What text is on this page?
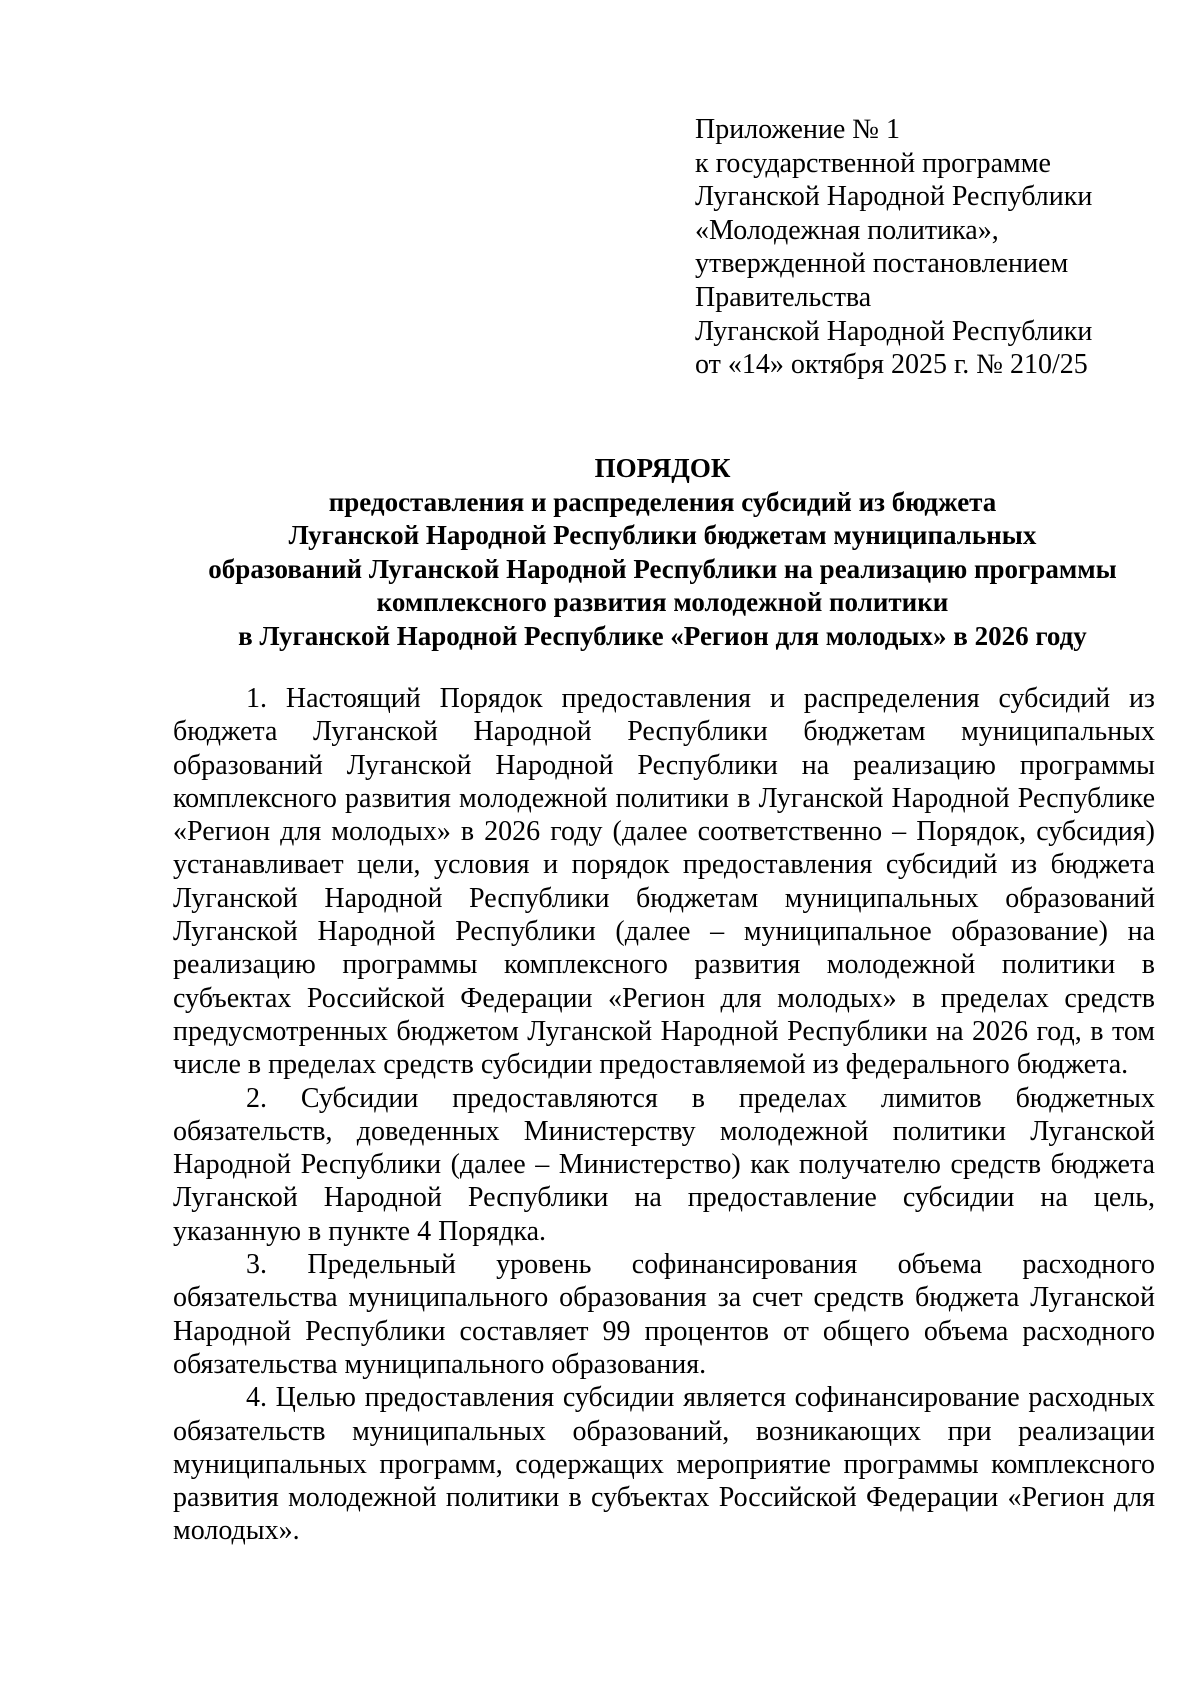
Приложение № 1
к государственной программе
Луганской Народной Республики
«Молодежная политика»,
утвержденной постановлением
Правительства
Луганской Народной Республики
от «14» октября 2025 г. № 210/25
ПОРЯДОК
предоставления и распределения субсидий из бюджета
Луганской Народной Республики бюджетам муниципальных
образований Луганской Народной Республики на реализацию программы
комплексного развития молодежной политики
в Луганской Народной Республике «Регион для молодых» в 2026 году

1. Настоящий Порядок предоставления и распределения субсидий из бюджета Луганской Народной Республики бюджетам муниципальных образований Луганской Народной Республики на реализацию программы комплексного развития молодежной политики в Луганской Народной Республике «Регион для молодых» в 2026 году (далее соответственно – Порядок, субсидия) устанавливает цели, условия и порядок предоставления субсидий из бюджета Луганской Народной Республики бюджетам муниципальных образований Луганской Народной Республики (далее – муниципальное образование) на реализацию программы комплексного развития молодежной политики в субъектах Российской Федерации «Регион для молодых» в пределах средств предусмотренных бюджетом Луганской Народной Республики на 2026 год, в том числе в пределах средств субсидии предоставляемой из федерального бюджета.

2. Субсидии предоставляются в пределах лимитов бюджетных обязательств, доведенных Министерству молодежной политики Луганской Народной Республики (далее – Министерство) как получателю средств бюджета Луганской Народной Республики на предоставление субсидии на цель, указанную в пункте 4 Порядка.

3. Предельный уровень софинансирования объема расходного обязательства муниципального образования за счет средств бюджета Луганской Народной Республики составляет 99 процентов от общего объема расходного обязательства муниципального образования.

4. Целью предоставления субсидии является софинансирование расходных обязательств муниципальных образований, возникающих при реализации муниципальных программ, содержащих мероприятие программы комплексного развития молодежной политики в субъектах Российской Федерации «Регион для молодых».
